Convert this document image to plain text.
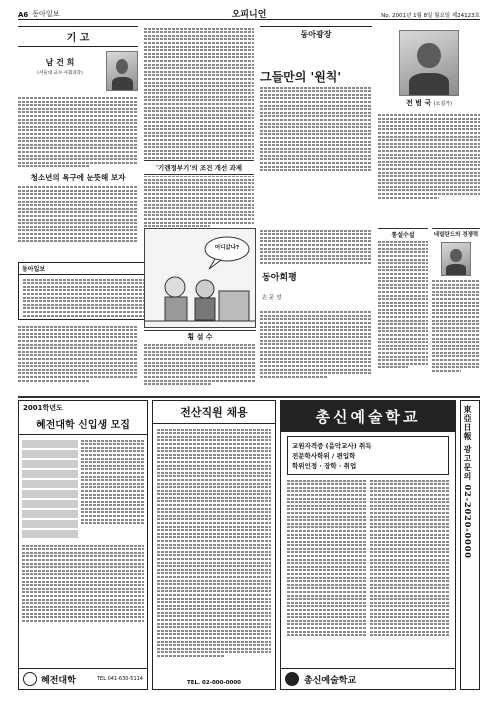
A6 동아일보	오피니언	No. 2001년 1월 8일 월요일 제24123호
기 고
남 건 희
(서울대 교수·사회과학)
청소년의 욕구에 눈뜻해 보자
동아일보
동아광장
그들만의 '원칙'
전 범 국 (소설가)
'기렌정부기'의 조건 개선 과제
어디갔나?
동아희평
손 문 성
횡 설 수
통설수설	네덜란드의 경쟁력
2001학년도
혜전대학 신입생 모집
혜전대학	TEL 041-630-5114
전산직원 채용
TEL. 02-000-0000
총신예술학교
교원자격증 (음악교사) 취득
전문학사학위 / 편입학
학위인정 · 장학 · 취업
총신예술학교
東亞日報 광고문의 02-2020-0000
